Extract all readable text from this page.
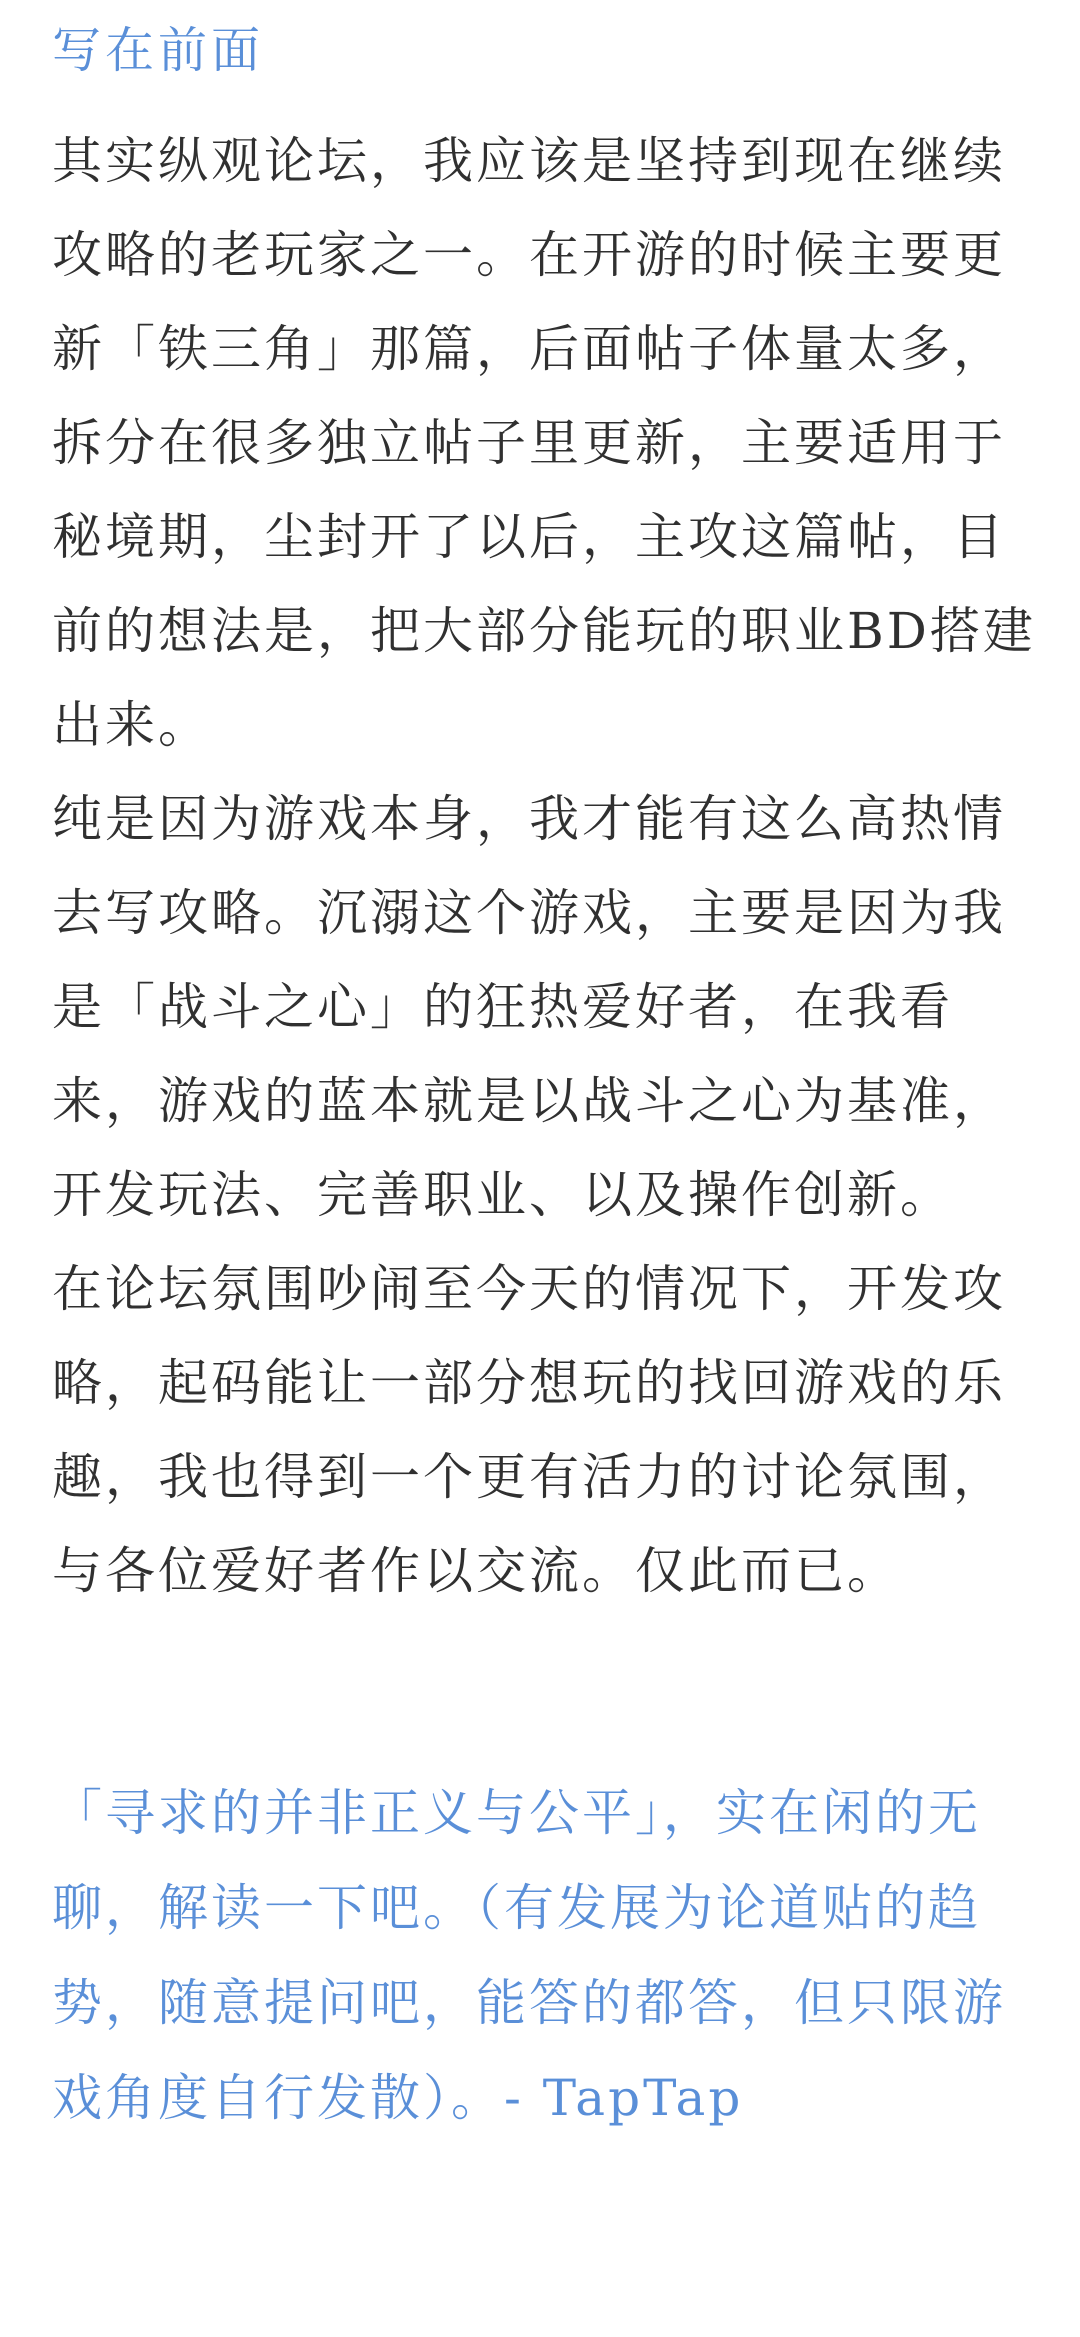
写在前面

其实纵观论坛，我应该是坚持到现在继续攻略的老玩家之一。在开游的时候主要更新「铁三角」那篇，后面帖子体量太多，拆分在很多独立帖子里更新，主要适用于秘境期，尘封开了以后，主攻这篇帖，目前的想法是，把大部分能玩的职业BD搭建出来。

纯是因为游戏本身，我才能有这么高热情去写攻略。沉溺这个游戏，主要是因为我是「战斗之心」的狂热爱好者，在我看来，游戏的蓝本就是以战斗之心为基准，开发玩法、完善职业、以及操作创新。

在论坛氛围吵闹至今天的情况下，开发攻略，起码能让一部分想玩的找回游戏的乐趣，我也得到一个更有活力的讨论氛围，与各位爱好者作以交流。仅此而已。

「寻求的并非正义与公平」，实在闲的无聊，解读一下吧。（有发展为论道贴的趋势，随意提问吧，能答的都答，但只限游戏角度自行发散）。- TapTap
